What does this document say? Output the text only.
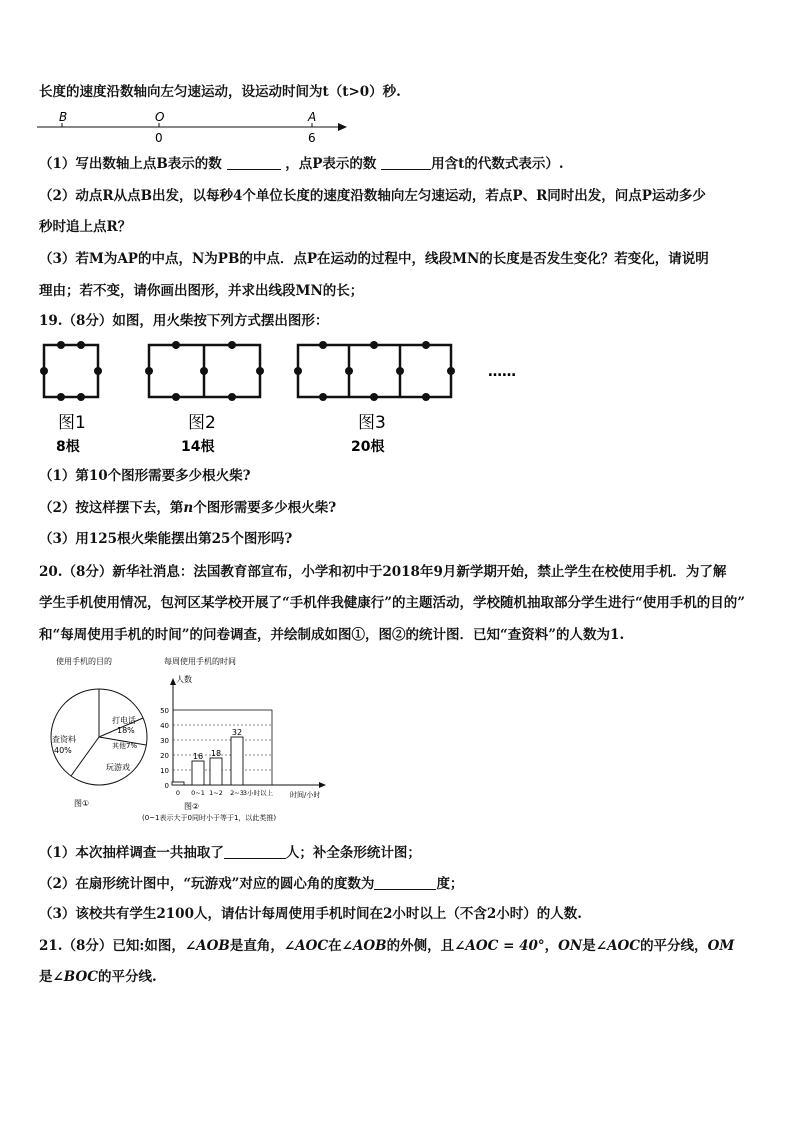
长度的速度沿数轴向左匀速运动，设运动时间为t（t>0）秒.
B	O	A
0	6
（1）写出数轴上点B表示的数	，点P表示的数	用含t的代数式表示）.
（2）动点R从点B出发，以每秒4个单位长度的速度沿数轴向左匀速运动，若点P、R同时出发，问点P运动多少
秒时追上点R？
（3）若M为AP的中点，N为PB的中点．点P在运动的过程中，线段MN的长度是否发生变化？若变化，请说明
理由；若不变，请你画出图形，并求出线段MN的长；
19.（8分）如图，用火柴按下列方式摆出图形：
……
图1	图2	图3
8根	14根	20根
（1）第10个图形需要多少根火柴?
（2）按这样摆下去，第n个图形需要多少根火柴?
（3）用125根火柴能摆出第25个图形吗?
20.（8分）新华社消息：法国教育部宣布，小学和初中于2018年9月新学期开始，禁止学生在校使用手机．为了解
学生手机使用情况，包河区某学校开展了“手机伴我健康行”的主题活动，学校随机抽取部分学生进行“使用手机的目的”
和“每周使用手机的时间”的问卷调查，并绘制成如图①，图②的统计图．已知“查资料”的人数为1.
使用手机的目的
查资料
40%
打电话
18%
其他7%
玩游戏
图①
每周使用手机的时间
人数
0
10
20
30
40
50
16 18
32
0 0~1 1~2 2~3 3小时以上 时间/小时
图②
(0~1表示大于0同时小于等于1，以此类推)
（1）本次抽样调查一共抽取了	人；补全条形统计图；
（2）在扇形统计图中，“玩游戏”对应的圆心角的度数为	度；
（3）该校共有学生2100人，请估计每周使用手机时间在2小时以上（不含2小时）的人数.
21.（8分）已知:如图，∠AOB是直角，∠AOC在∠AOB的外侧，且∠AOC = 40°，ON是∠AOC的平分线，OM
是∠BOC的平分线.
